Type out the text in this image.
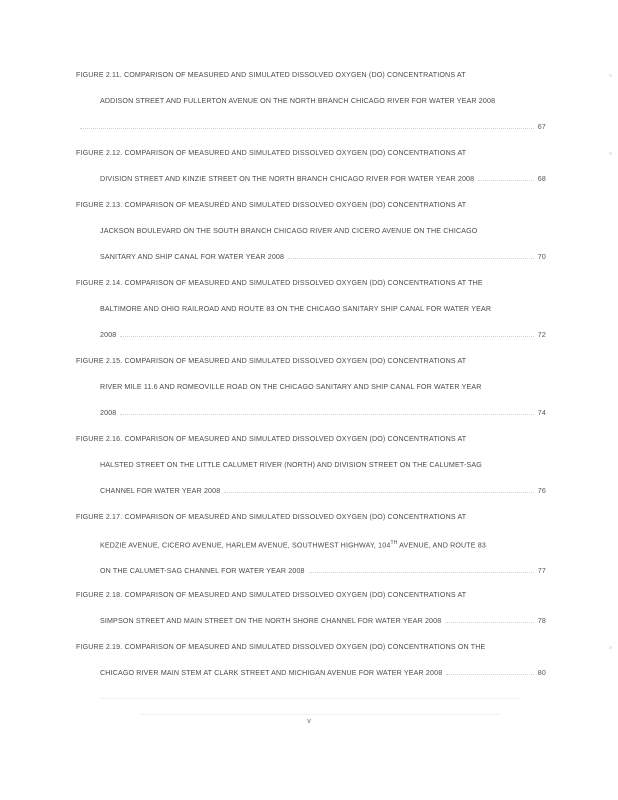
FIGURE 2.11. COMPARISON OF MEASURED AND SIMULATED DISSOLVED OXYGEN (DO) CONCENTRATIONS AT
ADDISON STREET AND FULLERTON AVENUE ON THE NORTH BRANCH CHICAGO RIVER FOR WATER YEAR 2008
67
FIGURE 2.12. COMPARISON OF MEASURED AND SIMULATED DISSOLVED OXYGEN (DO) CONCENTRATIONS AT
DIVISION STREET AND KINZIE STREET ON THE NORTH BRANCH CHICAGO RIVER FOR WATER YEAR 2008	68
FIGURE 2.13. COMPARISON OF MEASURED AND SIMULATED DISSOLVED OXYGEN (DO) CONCENTRATIONS AT
JACKSON BOULEVARD ON THE SOUTH BRANCH CHICAGO RIVER AND CICERO AVENUE ON THE CHICAGO
SANITARY AND SHIP CANAL FOR WATER YEAR 2008	70
FIGURE 2.14. COMPARISON OF MEASURED AND SIMULATED DISSOLVED OXYGEN (DO) CONCENTRATIONS AT THE
BALTIMORE AND OHIO RAILROAD AND ROUTE 83 ON THE CHICAGO SANITARY SHIP CANAL FOR WATER YEAR
2008	72
FIGURE 2.15. COMPARISON OF MEASURED AND SIMULATED DISSOLVED OXYGEN (DO) CONCENTRATIONS AT
RIVER MILE 11.6 AND ROMEOVILLE ROAD ON THE CHICAGO SANITARY AND SHIP CANAL FOR WATER YEAR
2008	74
FIGURE 2.16. COMPARISON OF MEASURED AND SIMULATED DISSOLVED OXYGEN (DO) CONCENTRATIONS AT
HALSTED STREET ON THE LITTLE CALUMET RIVER (NORTH) AND DIVISION STREET ON THE CALUMET-SAG
CHANNEL FOR WATER YEAR 2008	76
FIGURE 2.17. COMPARISON OF MEASURED AND SIMULATED DISSOLVED OXYGEN (DO) CONCENTRATIONS AT
KEDZIE AVENUE, CICERO AVENUE, HARLEM AVENUE, SOUTHWEST HIGHWAY, 104TH AVENUE, AND ROUTE 83
ON THE CALUMET-SAG CHANNEL FOR WATER YEAR 2008	77
FIGURE 2.18. COMPARISON OF MEASURED AND SIMULATED DISSOLVED OXYGEN (DO) CONCENTRATIONS AT
SIMPSON STREET AND MAIN STREET ON THE NORTH SHORE CHANNEL FOR WATER YEAR 2008	78
FIGURE 2.19. COMPARISON OF MEASURED AND SIMULATED DISSOLVED OXYGEN (DO) CONCENTRATIONS ON THE
CHICAGO RIVER MAIN STEM AT CLARK STREET AND MICHIGAN AVENUE FOR WATER YEAR 2008	80
v
